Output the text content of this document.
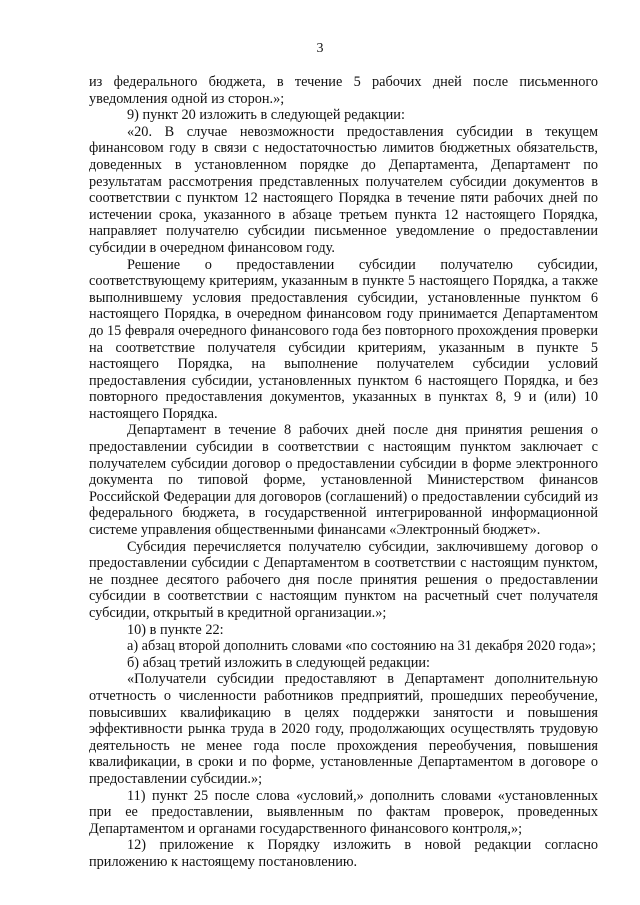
3

из федерального бюджета, в течение 5 рабочих дней после письменного уведомления одной из сторон.»;

9) пункт 20 изложить в следующей редакции:

«20. В случае невозможности предоставления субсидии в текущем финансовом году в связи с недостаточностью лимитов бюджетных обязательств, доведенных в установленном порядке до Департамента, Департамент по результатам рассмотрения представленных получателем субсидии документов в соответствии с пунктом 12 настоящего Порядка в течение пяти рабочих дней по истечении срока, указанного в абзаце третьем пункта 12 настоящего Порядка, направляет получателю субсидии письменное уведомление о предоставлении субсидии в очередном финансовом году.

Решение о предоставлении субсидии получателю субсидии, соответствующему критериям, указанным в пункте 5 настоящего Порядка, а также выполнившему условия предоставления субсидии, установленные пунктом 6 настоящего Порядка, в очередном финансовом году принимается Департаментом до 15 февраля очередного финансового года без повторного прохождения проверки на соответствие получателя субсидии критериям, указанным в пункте 5 настоящего Порядка, на выполнение получателем субсидии условий предоставления субсидии, установленных пунктом 6 настоящего Порядка, и без повторного предоставления документов, указанных в пунктах 8, 9 и (или) 10 настоящего Порядка.

Департамент в течение 8 рабочих дней после дня принятия решения о предоставлении субсидии в соответствии с настоящим пунктом заключает с получателем субсидии договор о предоставлении субсидии в форме электронного документа по типовой форме, установленной Министерством финансов Российской Федерации для договоров (соглашений) о предоставлении субсидий из федерального бюджета, в государственной интегрированной информационной системе управления общественными финансами «Электронный бюджет».

Субсидия перечисляется получателю субсидии, заключившему договор о предоставлении субсидии с Департаментом в соответствии с настоящим пунктом, не позднее десятого рабочего дня после принятия решения о предоставлении субсидии в соответствии с настоящим пунктом на расчетный счет получателя субсидии, открытый в кредитной организации.»;

10) в пункте 22:

а) абзац второй дополнить словами «по состоянию на 31 декабря 2020 года»;

б) абзац третий изложить в следующей редакции:

«Получатели субсидии предоставляют в Департамент дополнительную отчетность о численности работников предприятий, прошедших переобучение, повысивших квалификацию в целях поддержки занятости и повышения эффективности рынка труда в 2020 году, продолжающих осуществлять трудовую деятельность не менее года после прохождения переобучения, повышения квалификации, в сроки и по форме, установленные Департаментом в договоре о предоставлении субсидии.»;

11) пункт 25 после слова «условий,» дополнить словами «установленных при ее предоставлении, выявленным по фактам проверок, проведенных Департаментом и органами государственного финансового контроля,»;

12) приложение к Порядку изложить в новой редакции согласно приложению к настоящему постановлению.
